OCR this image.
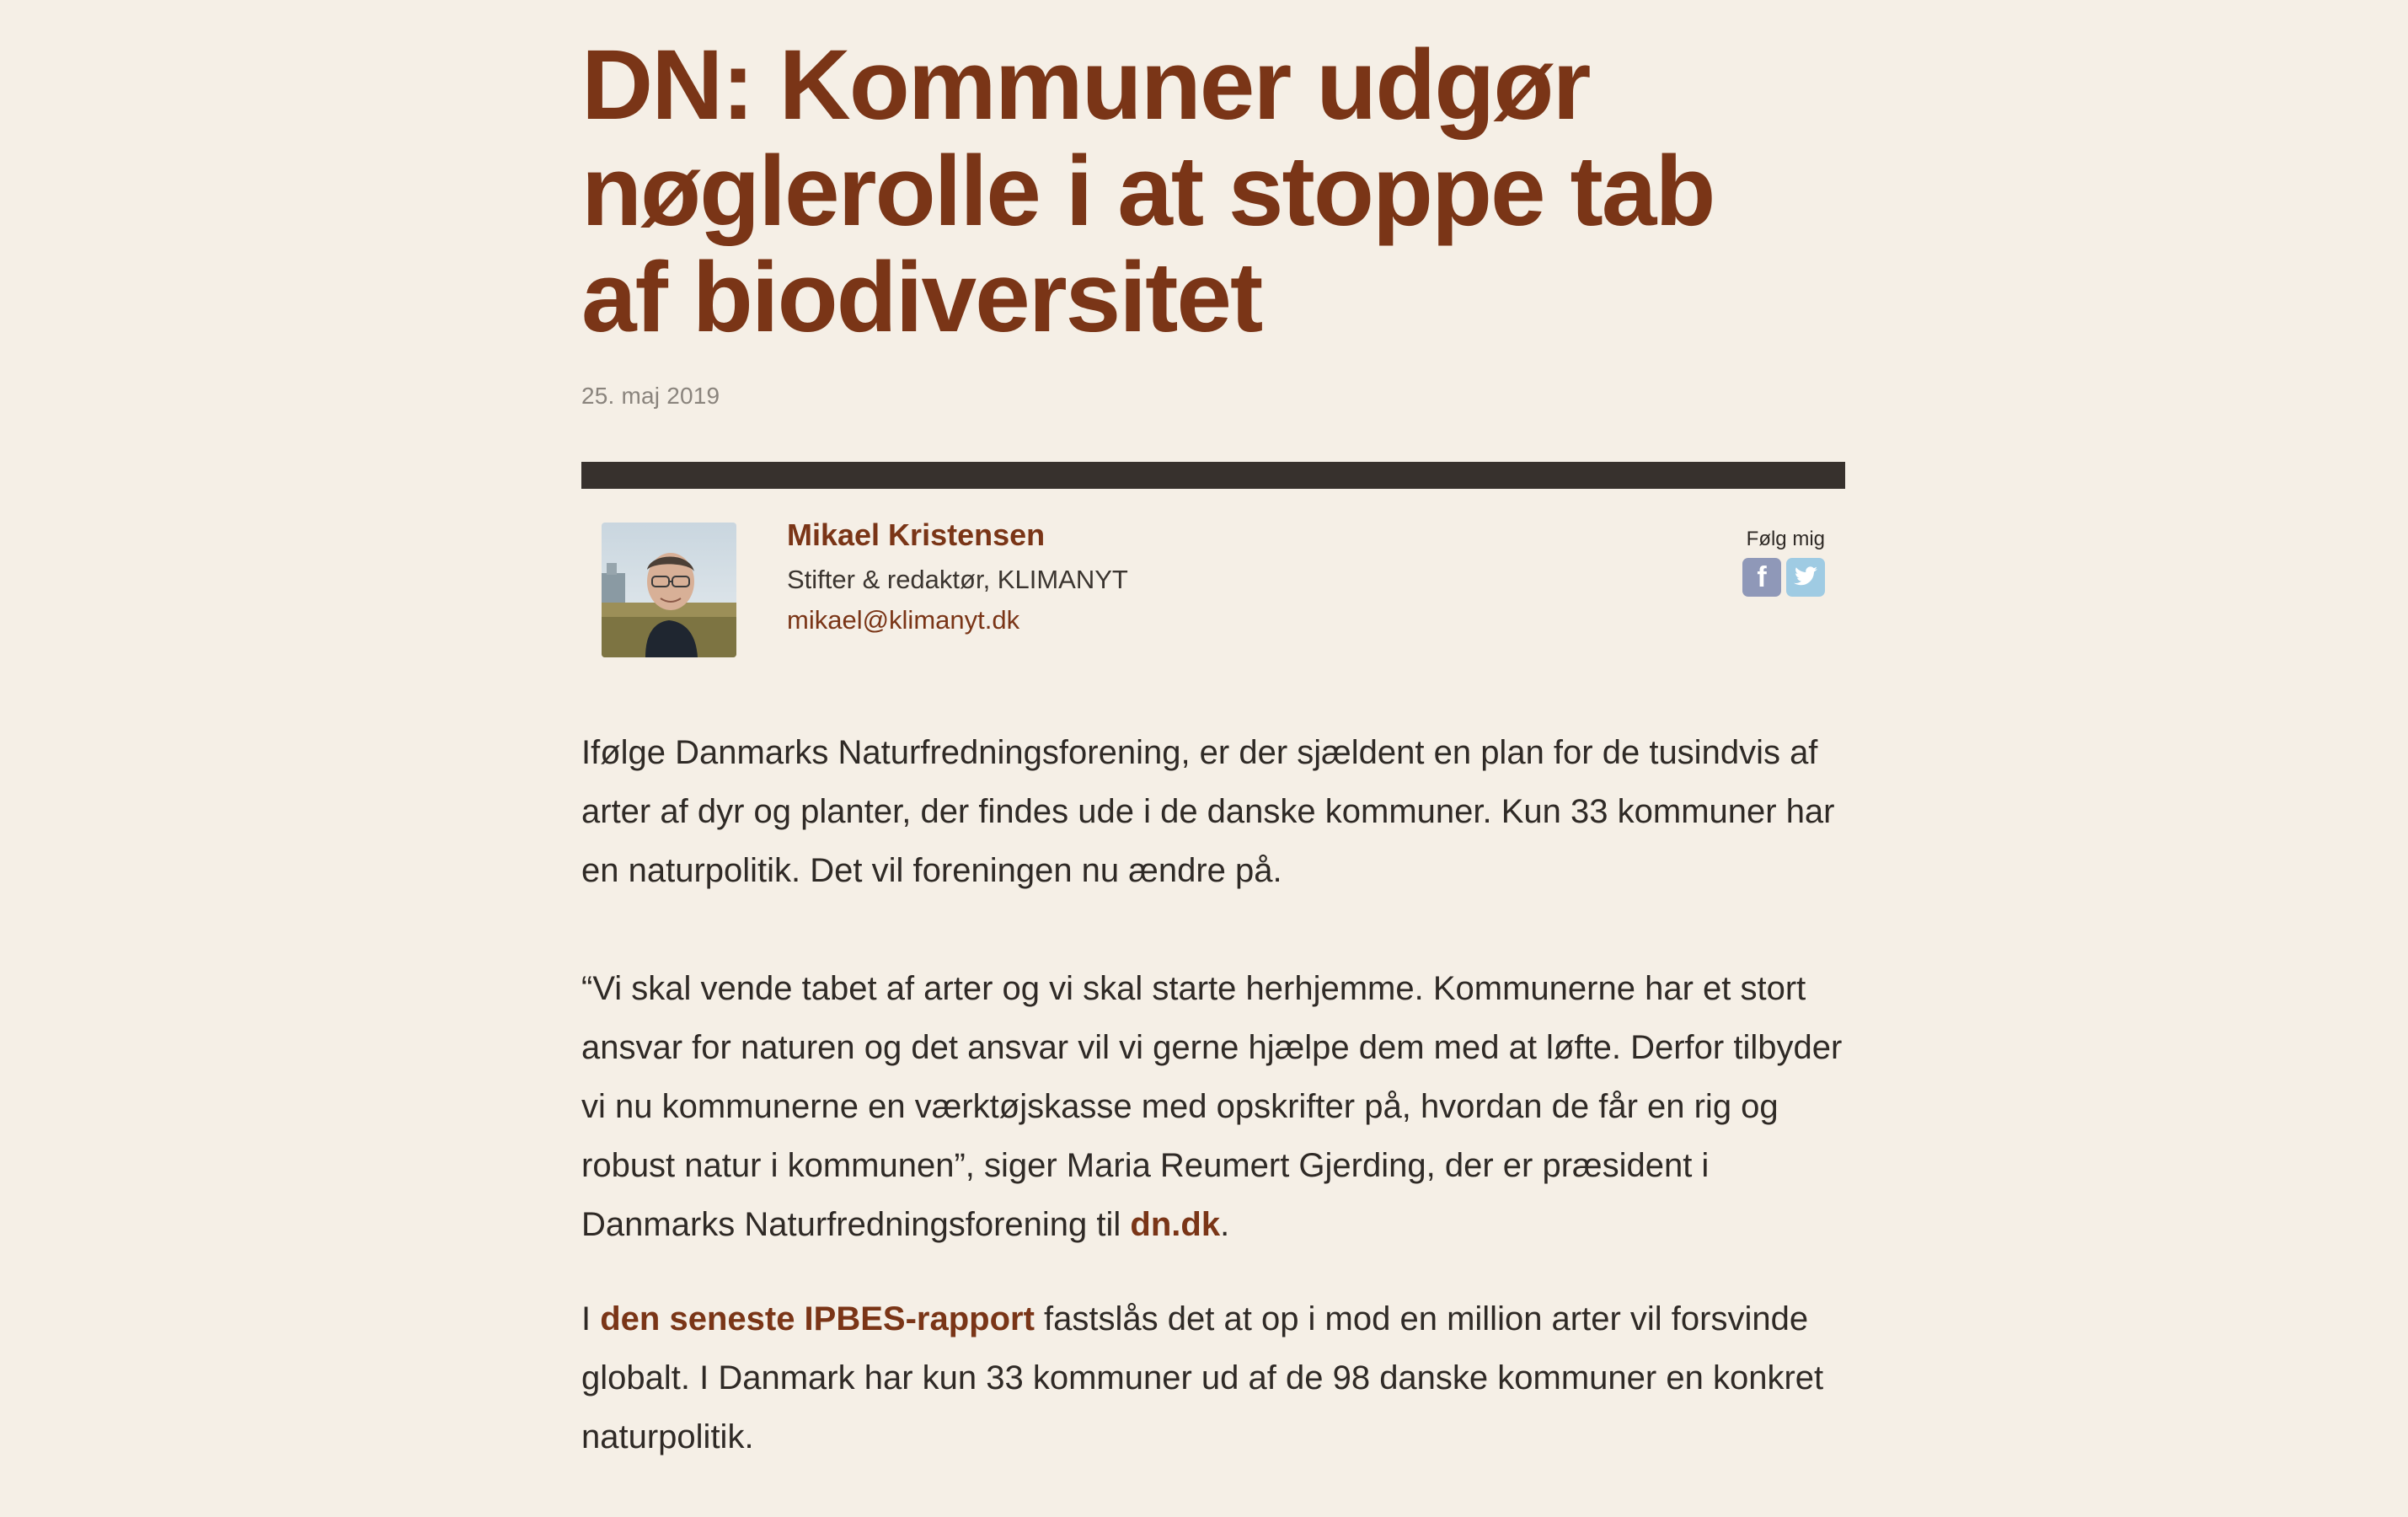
DN: Kommuner udgør
nøglerolle i at stoppe tab
af biodiversitet
25. maj 2019
Mikael Kristensen
Stifter & redaktør, KLIMANYT
mikael@klimanyt.dk
Følg mig
f

Ifølge Danmarks Naturfredningsforening, er der sjældent en plan for de tusindvis af arter af dyr og planter, der findes ude i de danske kommuner. Kun 33 kommuner har en naturpolitik. Det vil foreningen nu ændre på.

“Vi skal vende tabet af arter og vi skal starte herhjemme. Kommunerne har et stort ansvar for naturen og det ansvar vil vi gerne hjælpe dem med at løfte. Derfor tilbyder vi nu kommunerne en værktøjskasse med opskrifter på, hvordan de får en rig og robust natur i kommunen”, siger Maria Reumert Gjerding, der er præsident i Danmarks Naturfredningsforening til dn.dk.

I den seneste IPBES-rapport fastslås det at op i mod en million arter vil forsvinde globalt. I Danmark har kun 33 kommuner ud af de 98 danske kommuner en konkret naturpolitik.
